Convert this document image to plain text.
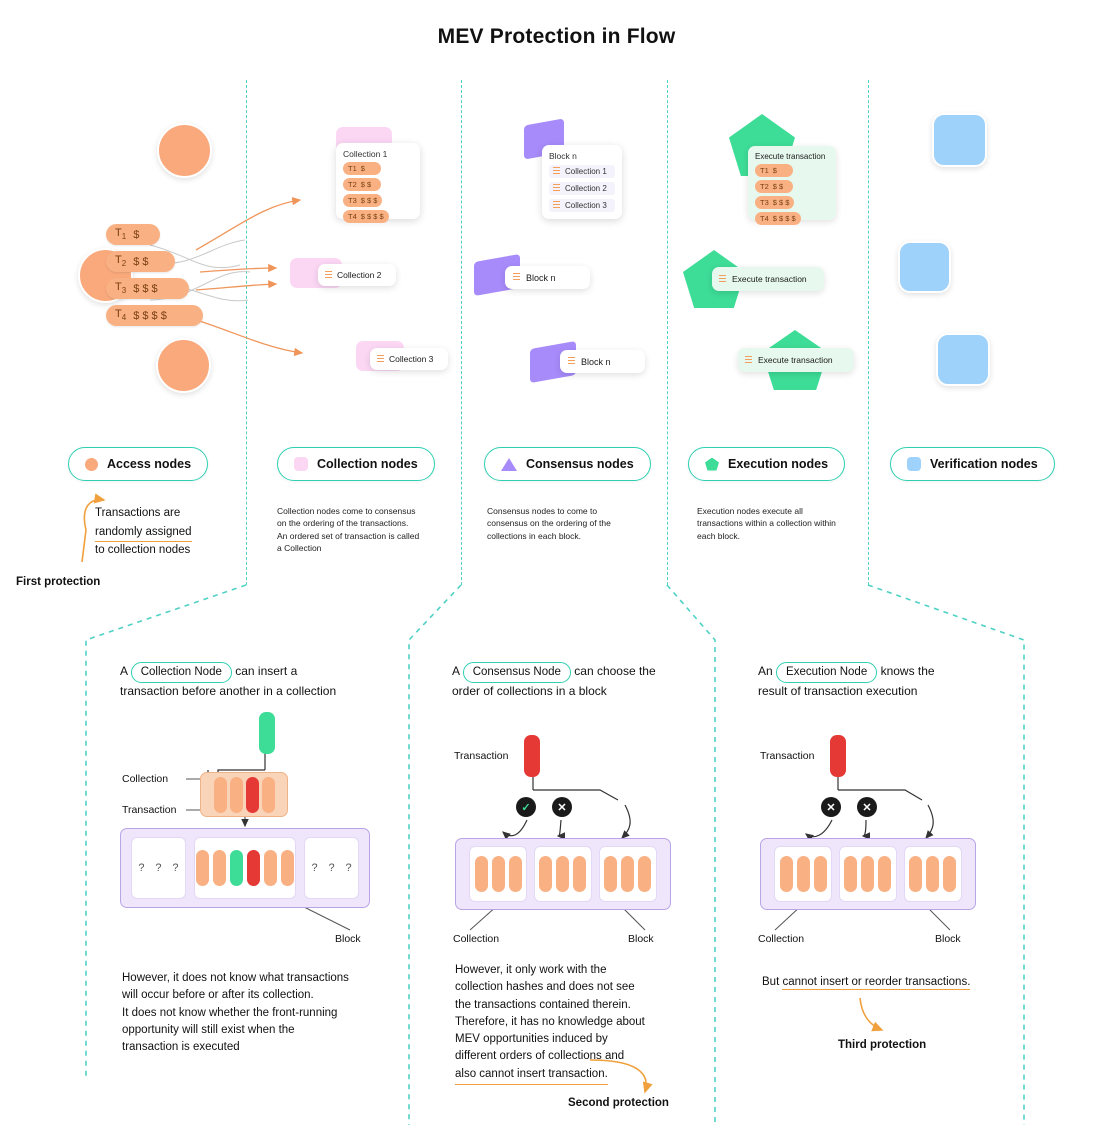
MEV Protection in Flow
$T_1$ $
$T_2$ $ $
$T_3$ $ $ $
$T_4$ $ $ $ $
Collection 1
T1 $
T2 $ $
T3 $ $ $
T4 $ $ $ $
Collection 2
Collection 3
Block n
Collection 1
Collection 2
Collection 3
Block n
Block n
Execute transaction
T1 $
T2 $ $
T3 $ $ $
T4 $ $ $ $
Execute transaction
Execute transaction
Access nodes	Collection nodes	Consensus nodes	Execution nodes	Verification nodes
Transactions are
randomly assigned
to collection nodes
First protection
Collection nodes come to consensus
on the ordering of the transactions.
An ordered set of transaction is called
a Collection
Consensus nodes to come to
consensus on the ordering of the
collections in each block.
Execution nodes execute all
transactions within a collection within
each block.
A Collection Node can insert a
transaction before another in a collection
Collection
Transaction
? ? ?	? ? ?
Block
However, it does not know what transactions
will occur before or after its collection.
It does not know whether the front-running
opportunity will still exist when the
transaction is executed
A Consensus Node can choose the
order of collections in a block
Transaction
✓
✕
Collection	Block
However, it only work with the
collection hashes and does not see
the transactions contained therein.
Therefore, it has no knowledge about
MEV opportunities induced by
different orders of collections and
also cannot insert transaction.
Second protection
An Execution Node knows the
result of transaction execution
Transaction
✕
✕
Collection	Block
But cannot insert or reorder transactions.
Third protection
